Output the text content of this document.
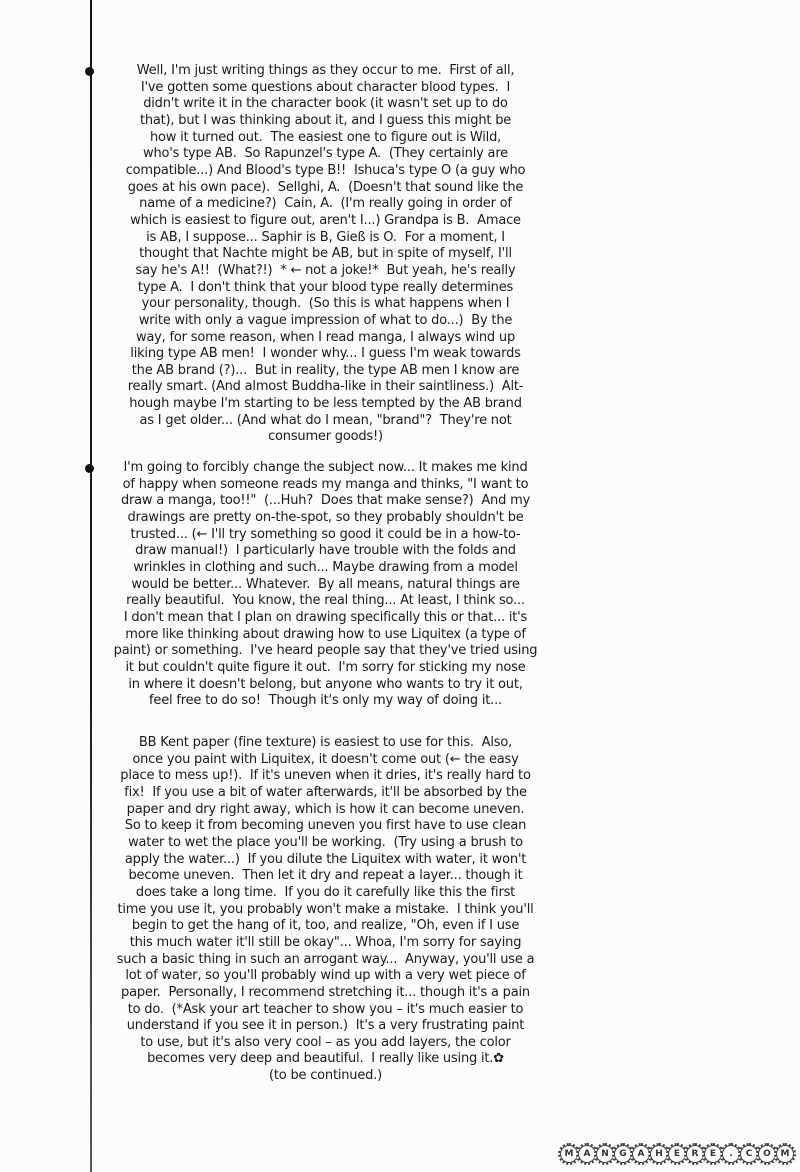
Well, I'm just writing things as they occur to me.  First of all,
I've gotten some questions about character blood types.  I
didn't write it in the character book (it wasn't set up to do
that), but I was thinking about it, and I guess this might be
how it turned out.  The easiest one to figure out is Wild,
who's type AB.  So Rapunzel's type A.  (They certainly are
compatible...) And Blood's type B!!  Ishuca's type O (a guy who
goes at his own pace).  Sellghi, A.  (Doesn't that sound like the
name of a medicine?)  Cain, A.  (I'm really going in order of
which is easiest to figure out, aren't I...) Grandpa is B.  Amace
is AB, I suppose... Saphir is B, Gieß is O.  For a moment, I
thought that Nachte might be AB, but in spite of myself, I'll
say he's A!!  (What?!)  * ← not a joke!*  But yeah, he's really
type A.  I don't think that your blood type really determines
your personality, though.  (So this is what happens when I
write with only a vague impression of what to do...)  By the
way, for some reason, when I read manga, I always wind up
liking type AB men!  I wonder why... I guess I'm weak towards
the AB brand (?)...  But in reality, the type AB men I know are
really smart. (And almost Buddha-like in their saintliness.)  Alt-
hough maybe I'm starting to be less tempted by the AB brand
as I get older... (And what do I mean, "brand"?  They're not
consumer goods!)
I'm going to forcibly change the subject now... It makes me kind
of happy when someone reads my manga and thinks, "I want to
draw a manga, too!!"  (...Huh?  Does that make sense?)  And my
drawings are pretty on-the-spot, so they probably shouldn't be
trusted... (← I'll try something so good it could be in a how-to-
draw manual!)  I particularly have trouble with the folds and
wrinkles in clothing and such... Maybe drawing from a model
would be better... Whatever.  By all means, natural things are
really beautiful.  You know, the real thing... At least, I think so...
I don't mean that I plan on drawing specifically this or that... it's
more like thinking about drawing how to use Liquitex (a type of
paint) or something.  I've heard people say that they've tried using
it but couldn't quite figure it out.  I'm sorry for sticking my nose
in where it doesn't belong, but anyone who wants to try it out,
feel free to do so!  Though it's only my way of doing it...
BB Kent paper (fine texture) is easiest to use for this.  Also,
once you paint with Liquitex, it doesn't come out (← the easy
place to mess up!).  If it's uneven when it dries, it's really hard to
fix!  If you use a bit of water afterwards, it'll be absorbed by the
paper and dry right away, which is how it can become uneven.
So to keep it from becoming uneven you first have to use clean
water to wet the place you'll be working.  (Try using a brush to
apply the water...)  If you dilute the Liquitex with water, it won't
become uneven.  Then let it dry and repeat a layer... though it
does take a long time.  If you do it carefully like this the first
time you use it, you probably won't make a mistake.  I think you'll
begin to get the hang of it, too, and realize, "Oh, even if I use
this much water it'll still be okay"... Whoa, I'm sorry for saying
such a basic thing in such an arrogant way...  Anyway, you'll use a
lot of water, so you'll probably wind up with a very wet piece of
paper.  Personally, I recommend stretching it... though it's a pain
to do.  (*Ask your art teacher to show you – it's much easier to
understand if you see it in person.)  It's a very frustrating paint
to use, but it's also very cool – as you add layers, the color
becomes very deep and beautiful.  I really like using it.✿
(to be continued.)
M A N G A H E R E . C O M
